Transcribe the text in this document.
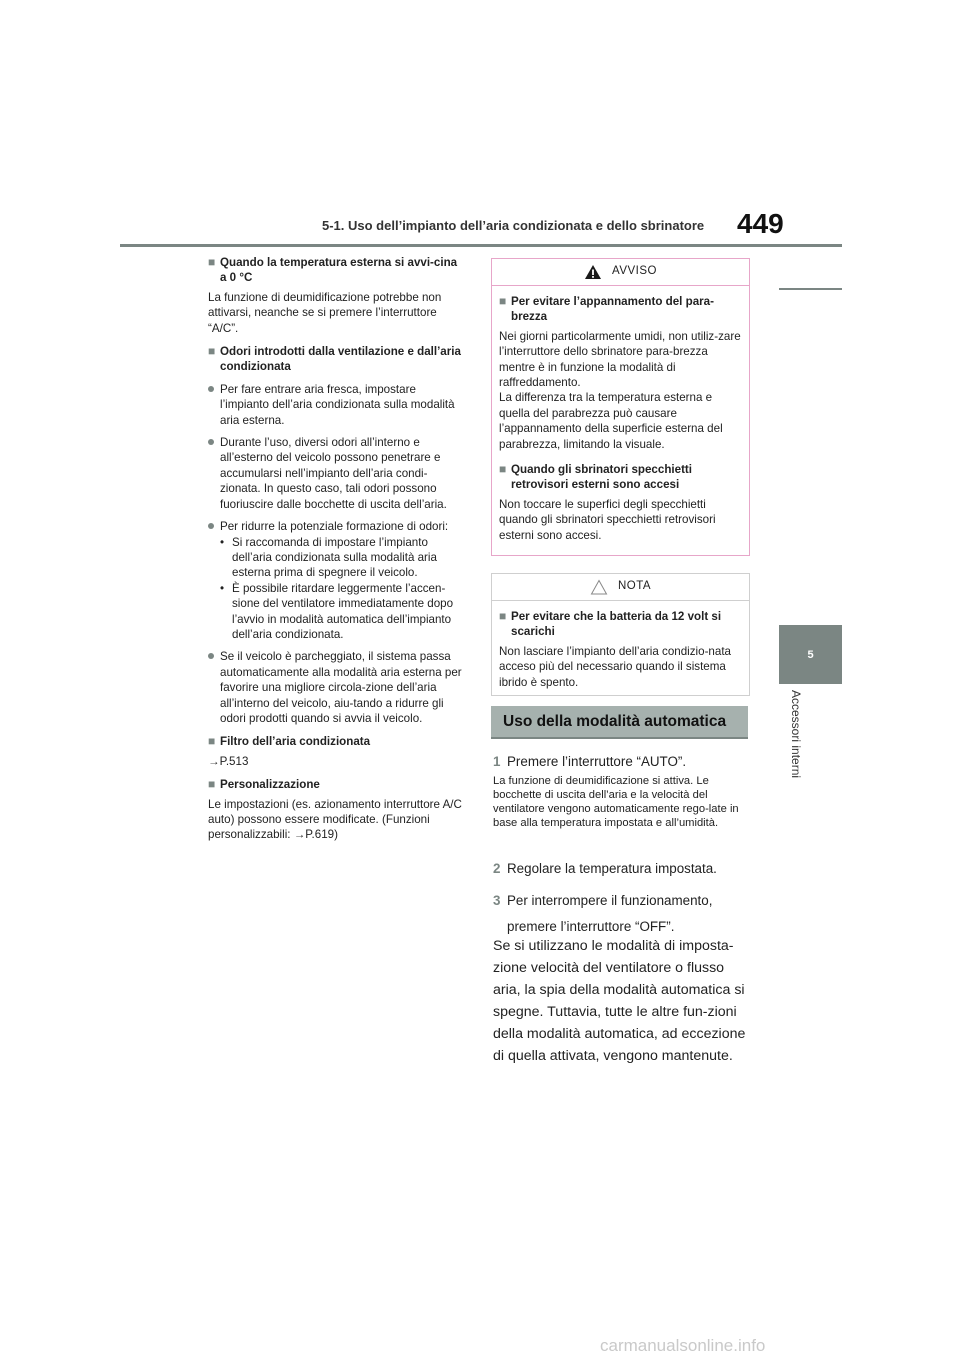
5-1. Uso dell’impianto dell’aria condizionata e dello sbrinatore 449
5
Accessori interni
■ Quando la temperatura esterna si avvi-cina a 0 °C
La funzione di deumidificazione potrebbe non attivarsi, neanche se si premere l’interruttore “A/C”.
■ Odori introdotti dalla ventilazione e dall’aria condizionata
Per fare entrare aria fresca, impostare l’impianto dell’aria condizionata sulla modalità aria esterna.
Durante l’uso, diversi odori all’interno e all’esterno del veicolo possono penetrare e accumularsi nell’impianto dell’aria condi-zionata. In questo caso, tali odori possono fuoriuscire dalle bocchette di uscita dell’aria.
Per ridurre la potenziale formazione di odori:
• Si raccomanda di impostare l’impianto dell’aria condizionata sulla modalità aria esterna prima di spegnere il veicolo.
• È possibile ritardare leggermente l’accen-sione del ventilatore immediatamente dopo l’avvio in modalità automatica dell’impianto dell’aria condizionata.
Se il veicolo è parcheggiato, il sistema passa automaticamente alla modalità aria esterna per favorire una migliore circola-zione dell’aria all’interno del veicolo, aiu-tando a ridurre gli odori prodotti quando si avvia il veicolo.
■ Filtro dell’aria condizionata
→P.513
■ Personalizzazione
Le impostazioni (es. azionamento interruttore A/C auto) possono essere modificate. (Funzioni personalizzabili: →P.619)
AVVISO
■ Per evitare l’appannamento del para-brezza
Nei giorni particolarmente umidi, non utiliz-zare l’interruttore dello sbrinatore para-brezza mentre è in funzione la modalità di raffreddamento.
La differenza tra la temperatura esterna e quella del parabrezza può causare l’appannamento della superficie esterna del parabrezza, limitando la visuale.
■ Quando gli sbrinatori specchietti retrovisori esterni sono accesi
Non toccare le superfici degli specchietti quando gli sbrinatori specchietti retrovisori esterni sono accesi.
NOTA
■ Per evitare che la batteria da 12 volt si scarichi
Non lasciare l’impianto dell’aria condizio-nata acceso più del necessario quando il sistema ibrido è spento.
Uso della modalità automatica
1 Premere l’interruttore “AUTO”.
La funzione di deumidificazione si attiva. Le bocchette di uscita dell’aria e la velocità del ventilatore vengono automaticamente rego-late in base alla temperatura impostata e all’umidità.
2 Regolare la temperatura impostata.
3 Per interrompere il funzionamento, premere l’interruttore “OFF”.
Se si utilizzano le modalità di imposta-zione velocità del ventilatore o flusso aria, la spia della modalità automatica si spegne. Tuttavia, tutte le altre fun-zioni della modalità automatica, ad eccezione di quella attivata, vengono mantenute.
carmanualsonline.info
